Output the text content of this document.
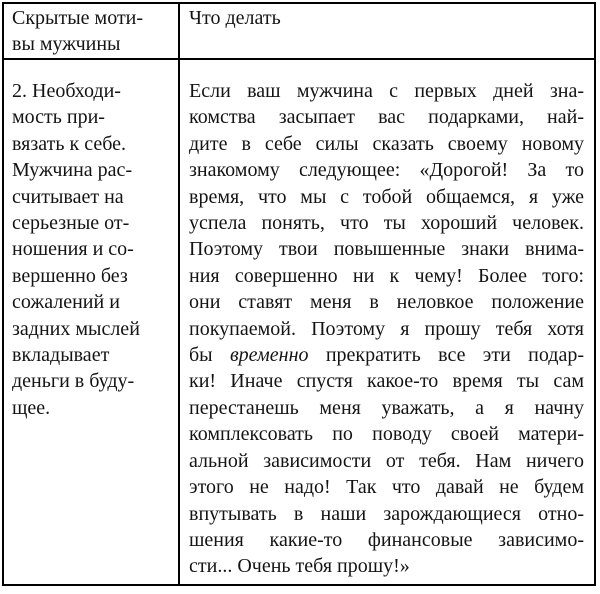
Скрытые моти-
вы мужчины
Что делать
2. Необходи-
мость при-
вязать к себе.
Мужчина рас-
считывает на
серьезные от-
ношения и со-
вершенно без
сожалений и
задних мыслей
вкладывает
деньги в буду-
щее.
Если ваш мужчина с первых дней зна-
комства засыпает вас подарками, най-
дите в себе силы сказать своему новому
знакомому следующее: «Дорогой! За то
время, что мы с тобой общаемся, я уже
успела понять, что ты хороший человек.
Поэтому твои повышенные знаки внима-
ния совершенно ни к чему! Более того:
они ставят меня в неловкое положение
покупаемой. Поэтому я прошу тебя хотя
бы временно прекратить все эти подар-
ки! Иначе спустя какое-то время ты сам
перестанешь меня уважать, а я начну
комплексовать по поводу своей матери-
альной зависимости от тебя. Нам ничего
этого не надо! Так что давай не будем
впутывать в наши зарождающиеся отно-
шения какие-то финансовые зависимо-
сти... Очень тебя прошу!»
